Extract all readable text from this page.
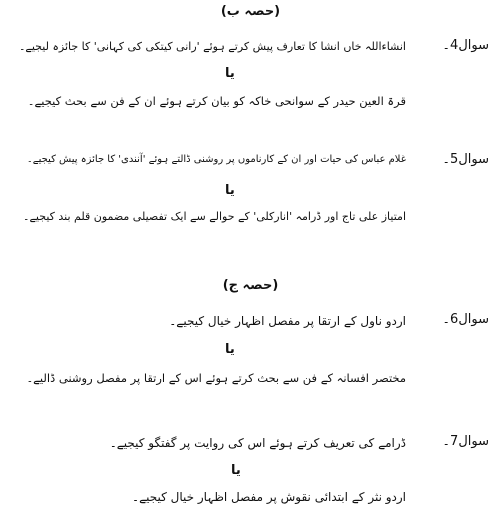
(حصہ ب)
سوال4۔
انشاءاللہ خاں انشا کا تعارف پیش کرتے ہوئے 'رانی کیتکی کی کہانی' کا جائزہ لیجیے۔
یا
قرۃ العین حیدر کے سوانحی خاکہ کو بیان کرتے ہوئے ان کے فن سے بحث کیجیے۔
سوال5۔
غلام عباس کی حیات اور ان کے کارناموں پر روشنی ڈالتے ہوئے 'آنندی' کا جائزہ پیش کیجیے۔
یا
امتیاز علی تاج اور ڈرامہ 'انارکلی' کے حوالے سے ایک تفصیلی مضمون قلم بند کیجیے۔
(حصہ ج)
سوال6۔
اردو ناول کے ارتقا پر مفصل اظہار خیال کیجیے۔
یا
مختصر افسانہ کے فن سے بحث کرتے ہوئے اس کے ارتقا پر مفصل روشنی ڈالیے۔
سوال7۔
ڈرامے کی تعریف کرتے ہوئے اس کی روایت پر گفتگو کیجیے۔
یا
اردو نثر کے ابتدائی نقوش پر مفصل اظہار خیال کیجیے۔
